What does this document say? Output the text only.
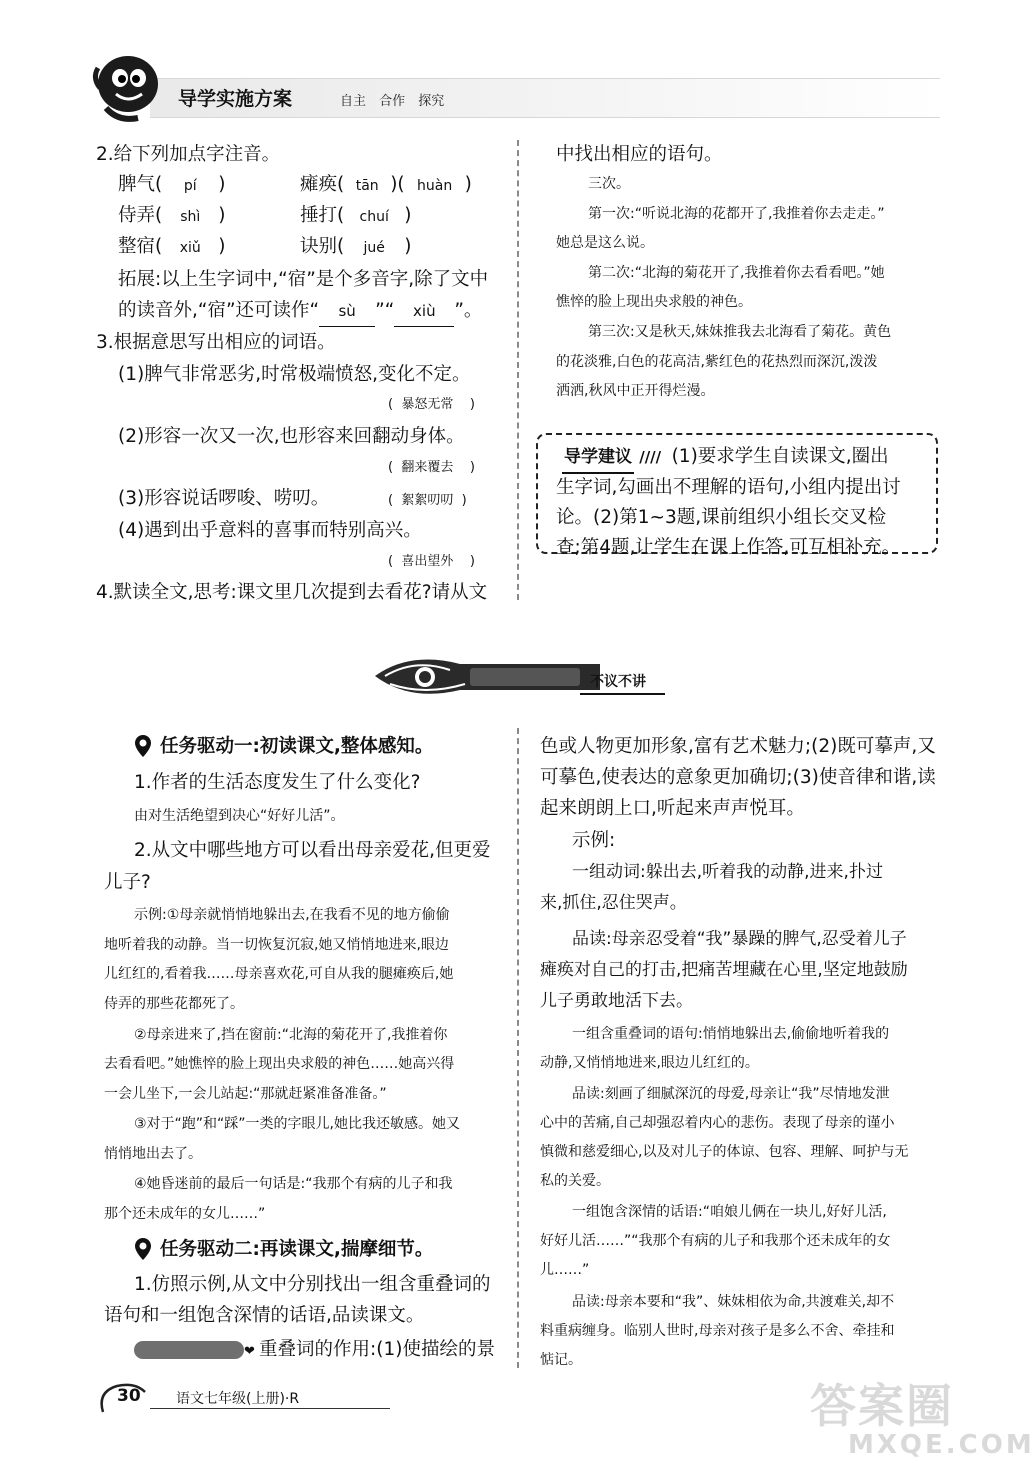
导学实施方案	自主 合作 探究
2.给下列加点字注音。
脾气( pí )	瘫痪( tān )( huàn )
侍弄( shì )	捶打( chuí )
整宿( xiǔ )	诀别( jué )
拓展:以上生字词中,“宿”是个多音字,除了文中
的读音外,“宿”还可读作“ sù ”“ xiù ”。
3.根据意思写出相应的词语。
(1)脾气非常恶劣,时常极端愤怒,变化不定。
(  暴怒无常    )
(2)形容一次又一次,也形容来回翻动身体。
(  翻来覆去    )
(3)形容说话啰唆、唠叨。	(  絮絮叨叨  )
(4)遇到出乎意料的喜事而特别高兴。
(  喜出望外    )
4.默读全文,思考:课文里几次提到去看花?请从文
中找出相应的语句。
三次。
第一次:“听说北海的花都开了,我推着你去走走。”
她总是这么说。
第二次:“北海的菊花开了,我推着你去看看吧。”她
憔悴的脸上现出央求般的神色。
第三次:又是秋天,妹妹推我去北海看了菊花。黄色
的花淡雅,白色的花高洁,紫红色的花热烈而深沉,泼泼
洒洒,秋风中正开得烂漫。
导学建议 ////  (1)要求学生自读课文,圈出
生字词,勾画出不理解的语句,小组内提出讨
论。(2)第1~3题,课前组织小组长交叉检
查;第4题,让学生在课上作答,可互相补充。
不议不讲
任务驱动一:初读课文,整体感知。
1.作者的生活态度发生了什么变化?
由对生活绝望到决心“好好儿活”。
2.从文中哪些地方可以看出母亲爱花,但更爱
儿子?
示例:①母亲就悄悄地躲出去,在我看不见的地方偷偷
地听着我的动静。当一切恢复沉寂,她又悄悄地进来,眼边
儿红红的,看着我……母亲喜欢花,可自从我的腿瘫痪后,她
侍弄的那些花都死了。
②母亲进来了,挡在窗前:“北海的菊花开了,我推着你
去看看吧。”她憔悴的脸上现出央求般的神色……她高兴得
一会儿坐下,一会儿站起:“那就赶紧准备准备。”
③对于“跑”和“踩”一类的字眼儿,她比我还敏感。她又
悄悄地出去了。
④她昏迷前的最后一句话是:“我那个有病的儿子和我
那个还未成年的女儿……”
任务驱动二:再读课文,揣摩细节。
1.仿照示例,从文中分别找出一组含重叠词的
语句和一组饱含深情的话语,品读课文。
❤ 重叠词的作用:(1)使描绘的景
色或人物更加形象,富有艺术魅力;(2)既可摹声,又
可摹色,使表达的意象更加确切;(3)使音律和谐,读
起来朗朗上口,听起来声声悦耳。
示例:
一组动词:躲出去,听着我的动静,进来,扑过
来,抓住,忍住哭声。
品读:母亲忍受着“我”暴躁的脾气,忍受着儿子
瘫痪对自己的打击,把痛苦埋藏在心里,坚定地鼓励
儿子勇敢地活下去。
一组含重叠词的语句:悄悄地躲出去,偷偷地听着我的
动静,又悄悄地进来,眼边儿红红的。
品读:刻画了细腻深沉的母爱,母亲让“我”尽情地发泄
心中的苦痛,自己却强忍着内心的悲伤。表现了母亲的谨小
慎微和慈爱细心,以及对儿子的体谅、包容、理解、呵护与无
私的关爱。
一组饱含深情的话语:“咱娘儿俩在一块儿,好好儿活,
好好儿活……”“我那个有病的儿子和我那个还未成年的女
儿……”
品读:母亲本要和“我”、妹妹相依为命,共渡难关,却不
料重病缠身。临别人世时,母亲对孩子是多么不舍、牵挂和
惦记。
30	语文七年级(上册)·R	答案圈
MXQE.COM
